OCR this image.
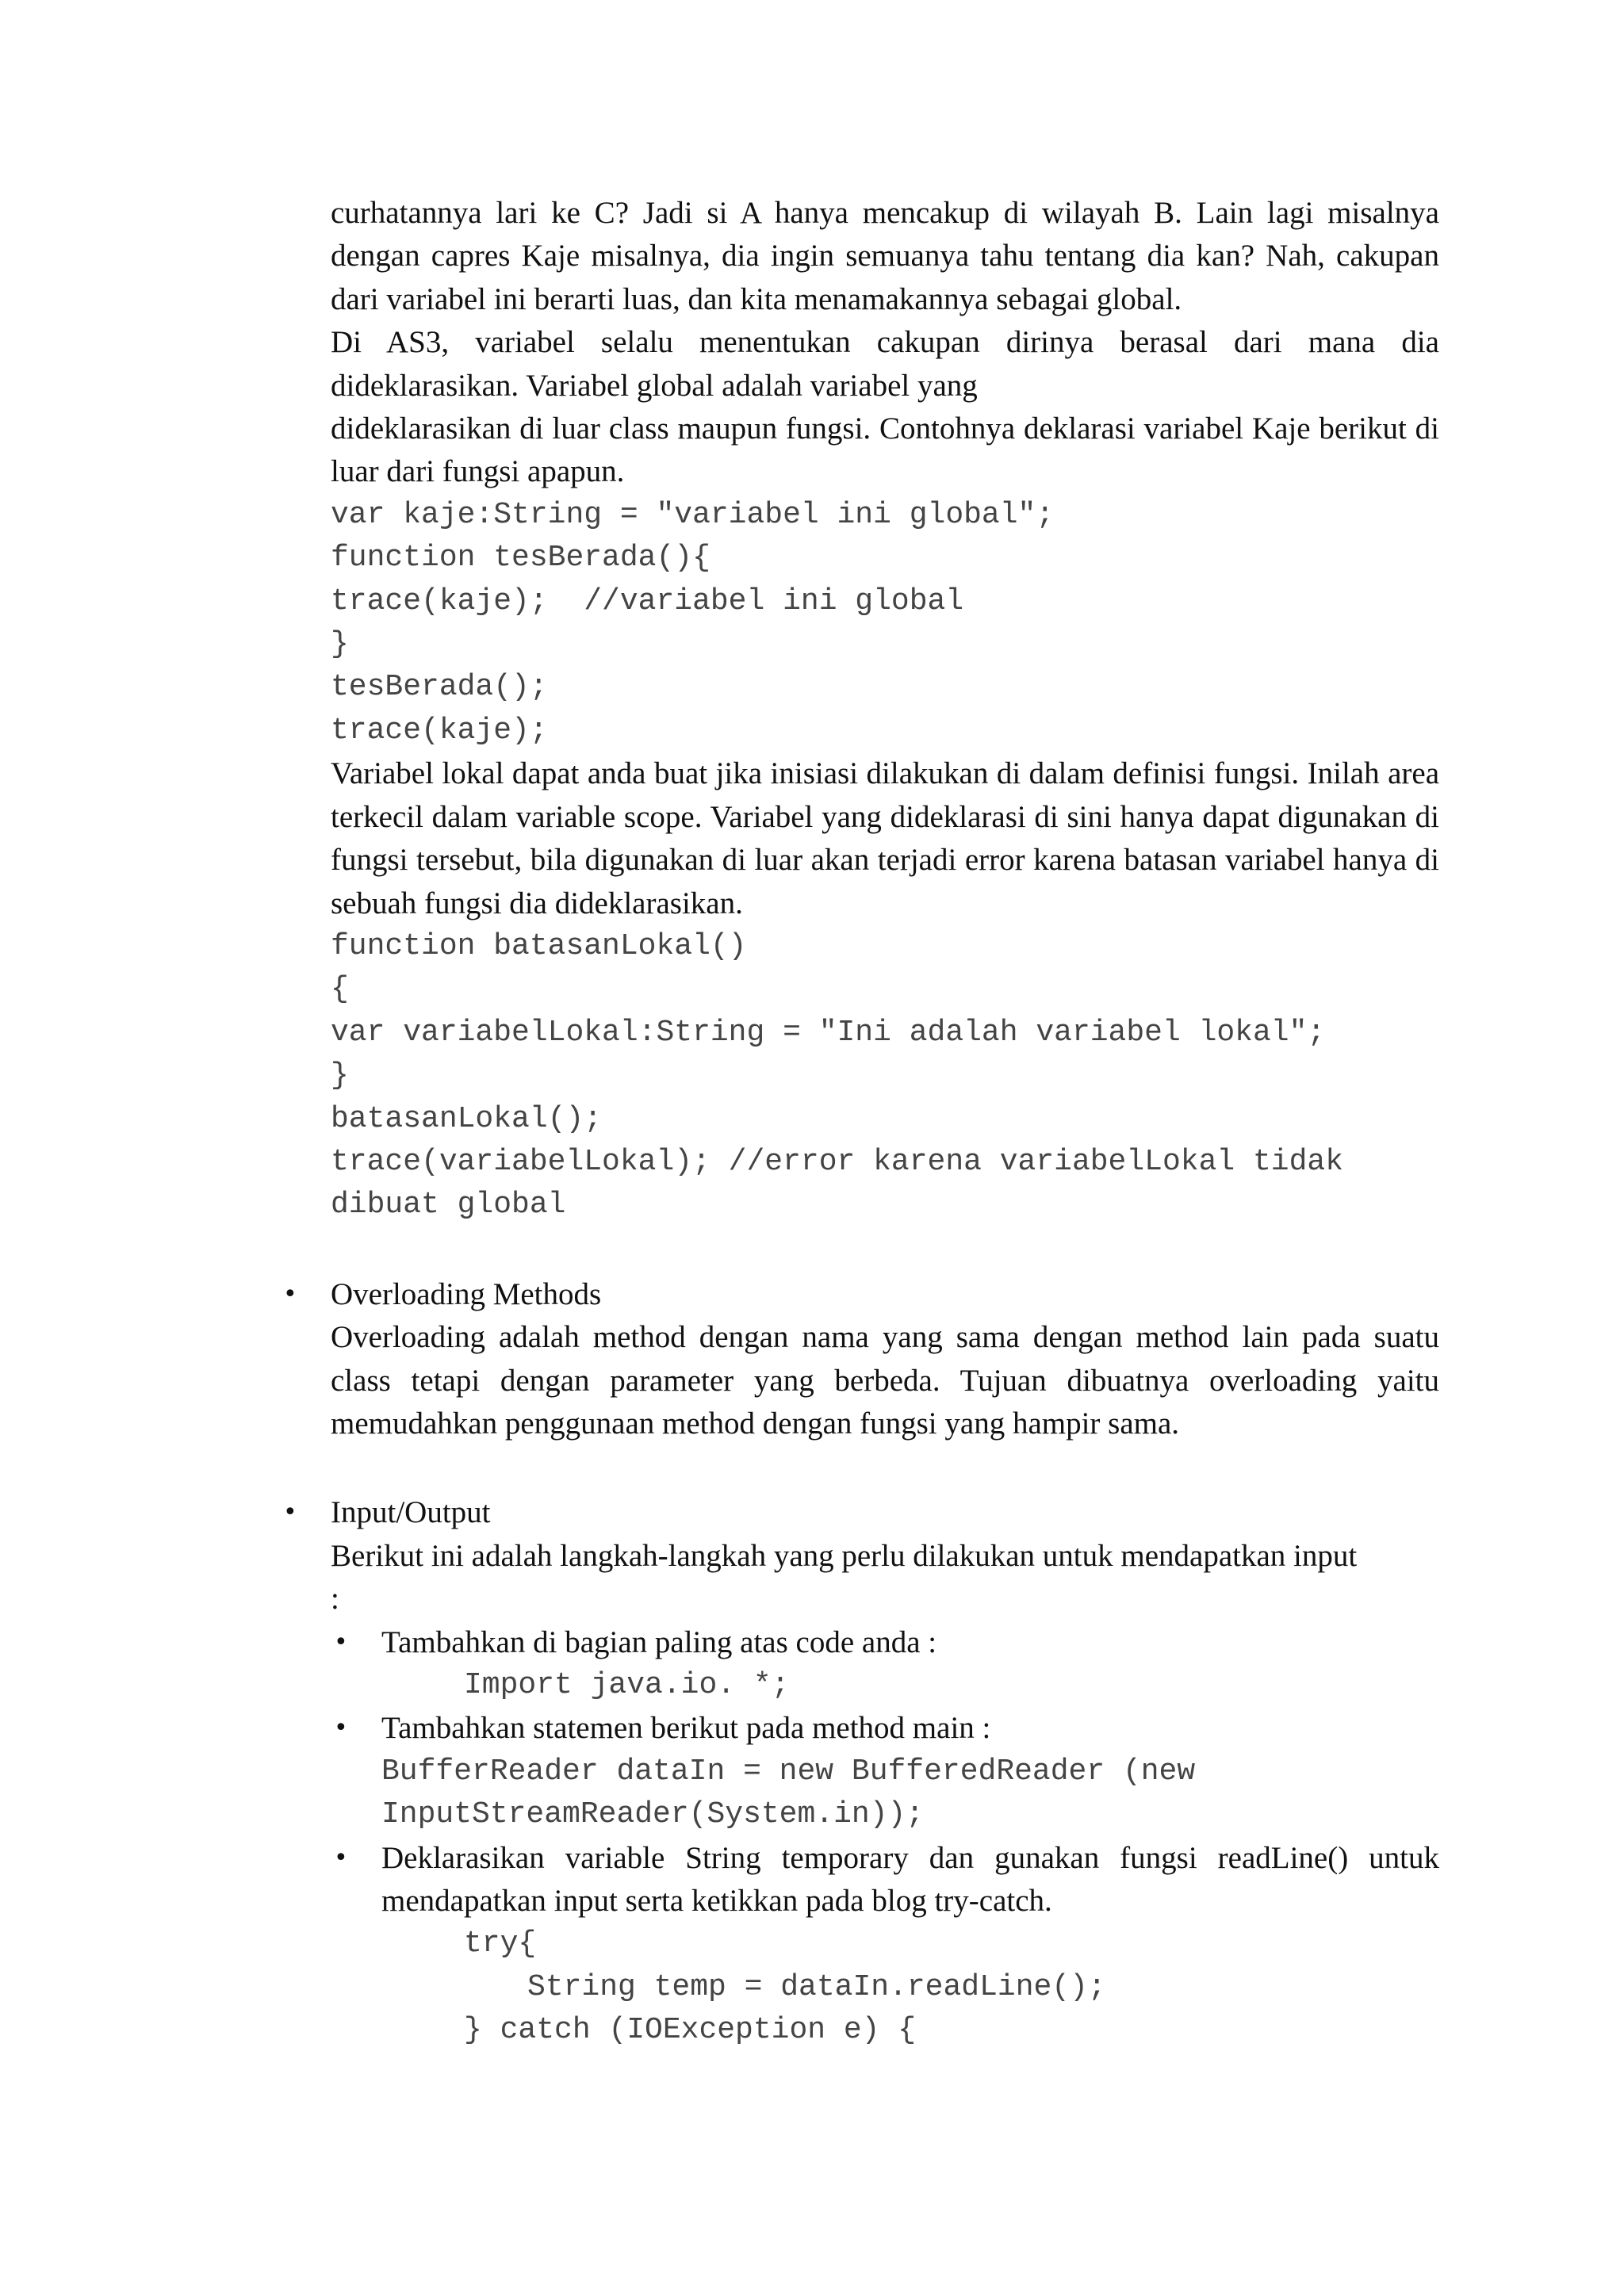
curhatannya lari ke C? Jadi si A hanya mencakup di wilayah B. Lain lagi misalnya dengan capres Kaje misalnya, dia ingin semuanya tahu tentang dia kan? Nah, cakupan dari variabel ini berarti luas, dan kita menamakannya sebagai global.

Di AS3, variabel selalu menentukan cakupan dirinya berasal dari mana dia dideklarasikan. Variabel global adalah variabel yang

dideklarasikan di luar class maupun fungsi. Contohnya deklarasi variabel Kaje berikut di luar dari fungsi apapun.

var kaje:String = "variabel ini global";
function tesBerada(){
trace(kaje);  //variabel ini global
}
tesBerada();
trace(kaje);

Variabel lokal dapat anda buat jika inisiasi dilakukan di dalam definisi fungsi. Inilah area terkecil dalam variable scope. Variabel yang dideklarasi di sini hanya dapat digunakan di fungsi tersebut, bila digunakan di luar akan terjadi error karena batasan variabel hanya di sebuah fungsi dia dideklarasikan.

function batasanLokal()
{
var variabelLokal:String = "Ini adalah variabel lokal";
}
batasanLokal();
trace(variabelLokal); //error karena variabelLokal tidak dibuat global
• Overloading Methods

Overloading adalah method dengan nama yang sama dengan method lain pada suatu class tetapi dengan parameter yang berbeda. Tujuan dibuatnya overloading yaitu memudahkan penggunaan method dengan fungsi yang hampir sama.

• Input/Output

Berikut ini adalah langkah-langkah yang perlu dilakukan untuk mendapatkan input

:

• Tambahkan di bagian paling atas code anda :

Import java.io. *;
• Tambahkan statemen berikut pada method main :

BufferReader dataIn = new BufferedReader (new InputStreamReader(System.in));
• Deklarasikan variable String temporary dan gunakan fungsi readLine() untuk mendapatkan input serta ketikkan pada blog try-catch.

try{
String temp = dataIn.readLine();
} catch (IOException e) {
